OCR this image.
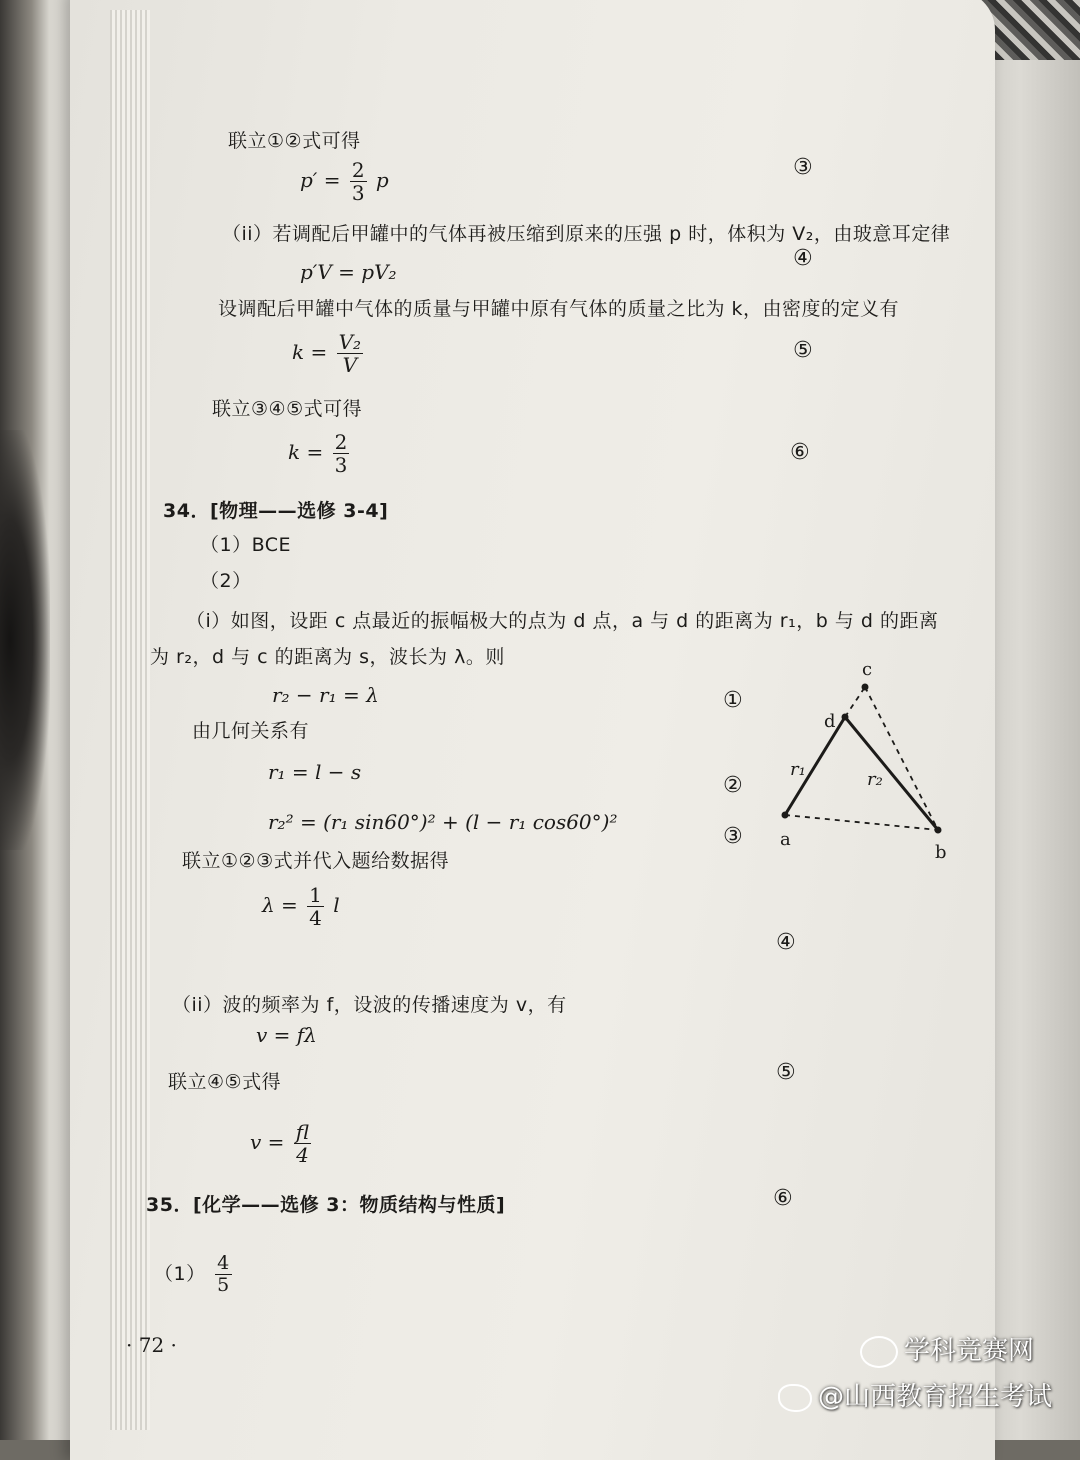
联立①②式可得
$p' = \frac{2}{3}$ p	③
（ii）若调配后甲罐中的气体再被压缩到原来的压强 p 时，体积为 V₂，由玻意耳定律
p′V = pV₂
④
设调配后甲罐中气体的质量与甲罐中原有气体的质量之比为 k，由密度的定义有
$k = \frac{\text{V₂}}{V}$	⑤
联立③④⑤式可得
$k = \frac{2}{3}$	⑥
34．[物理——选修 3-4]
（1）BCE
（2）
（i）如图，设距 c 点最近的振幅极大的点为 d 点，a 与 d 的距离为 r₁，b 与 d 的距离
为 r₂，d 与 c 的距离为 s，波长为 λ。则
r₂ − r₁ = λ	①
由几何关系有
r₁ = l − s
②
r₂² = (r₁ sin60°)² + (l − r₁ cos60°)²
③
联立①②③式并代入题给数据得
$\lambda = \frac{1}{4}$ l
④
（ii）波的频率为 f，设波的传播速度为 v，有
v = fλ
⑤
联立④⑤式得
$v = \frac{fl}{4}$
⑥
35．[化学——选修 3：物质结构与性质]
$(1) \frac{4}{5}$
· 72 ·
a
b
c
d
r₁	r₂
学科竞赛网
@山西教育招生考试
